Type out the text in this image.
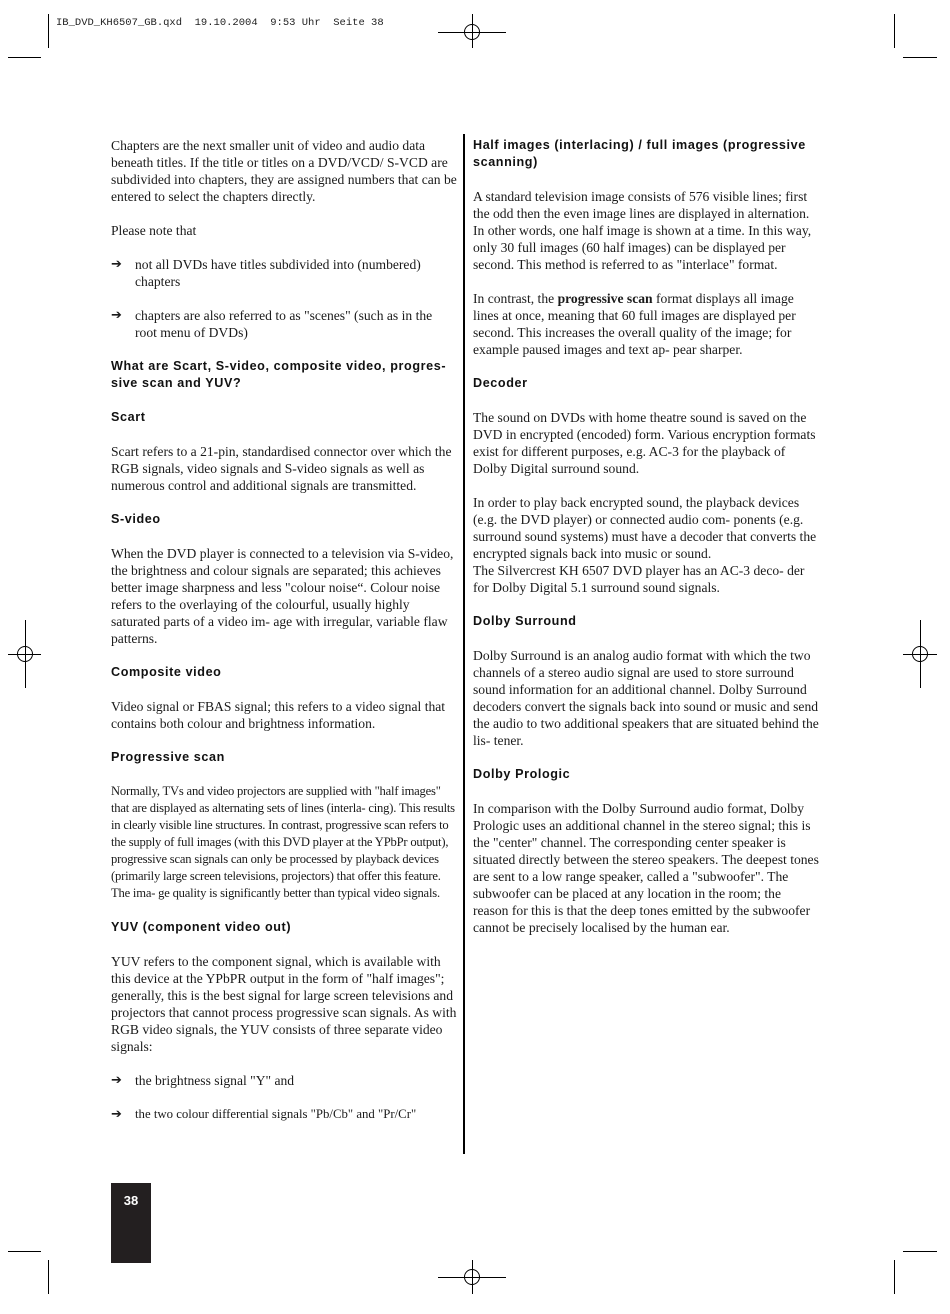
IB_DVD_KH6507_GB.qxd  19.10.2004  9:53 Uhr  Seite 38

Chapters are the next smaller unit of video and audio data beneath titles. If the title or titles on a DVD/VCD/ S-VCD are subdivided into chapters, they are assigned numbers that can be entered to select the chapters directly.

Please note that

➔ not all DVDs have titles subdivided into (numbered) chapters
➔ chapters are also referred to as "scenes" (such as in the root menu of DVDs)
What are Scart, S-video, composite video, progres- sive scan and YUV?
Scart

Scart refers to a 21-pin, standardised connector over which the RGB signals, video signals and S-video signals as well as numerous control and additional signals are transmitted.

S-video

When the DVD player is connected to a television via S-video, the brightness and colour signals are separated; this achieves better image sharpness and less "colour noise“. Colour noise refers to the overlaying of the colourful, usually highly saturated parts of a video im- age with irregular, variable flaw patterns.

Composite video

Video signal or FBAS signal; this refers to a video signal that contains both colour and brightness information.

Progressive scan

Normally, TVs and video projectors are supplied with "half images" that are displayed as alternating sets of lines (interla- cing). This results in clearly visible line structures. In contrast, progressive scan refers to the supply of full images (with this DVD player at the YPbPr output), progressive scan signals can only be processed by playback devices (primarily large screen televisions, projectors) that offer this feature. The ima- ge quality is significantly better than typical video signals.

YUV (component video out)

YUV refers to the component signal, which is available with this device at the YPbPR output in the form of "half images"; generally, this is the best signal for large screen televisions and projectors that cannot process progressive scan signals. As with RGB video signals, the YUV consists of three separate video signals:

➔ the brightness signal "Y" and
➔	the two colour differential signals "Pb/Cb" and "Pr/Cr"
Half images (interlacing) / full images (progressive scanning)

A standard television image consists of 576 visible lines; first the odd then the even image lines are displayed in alternation. In other words, one half image is shown at a time. In this way, only 30 full images (60 half images) can be displayed per second. This method is referred to as "interlace" format.

In contrast, the progressive scan format displays all image lines at once, meaning that 60 full images are displayed per second. This increases the overall quality of the image; for example paused images and text ap- pear sharper.

Decoder

The sound on DVDs with home theatre sound is saved on the DVD in encrypted (encoded) form. Various encryption formats exist for different purposes, e.g. AC-3 for the playback of Dolby Digital surround sound.

In order to play back encrypted sound, the playback devices (e.g. the DVD player) or connected audio com- ponents (e.g. surround sound systems) must have a decoder that converts the encrypted signals back into music or sound.

The Silvercrest KH 6507 DVD player has an AC-3 deco- der for Dolby Digital 5.1 surround sound signals.

Dolby Surround

Dolby Surround is an analog audio format with which the two channels of a stereo audio signal are used to store surround sound information for an additional channel. Dolby Surround decoders convert the signals back into sound or music and send the audio to two additional speakers that are situated behind the lis- tener.

Dolby Prologic

In comparison with the Dolby Surround audio format, Dolby Prologic uses an additional channel in the stereo signal; this is the "center" channel. The corresponding center speaker is situated directly between the stereo speakers. The deepest tones are sent to a low range speaker, called a "subwoofer". The subwoofer can be placed at any location in the room; the reason for this is that the deep tones emitted by the subwoofer cannot be precisely localised by the human ear.

38
